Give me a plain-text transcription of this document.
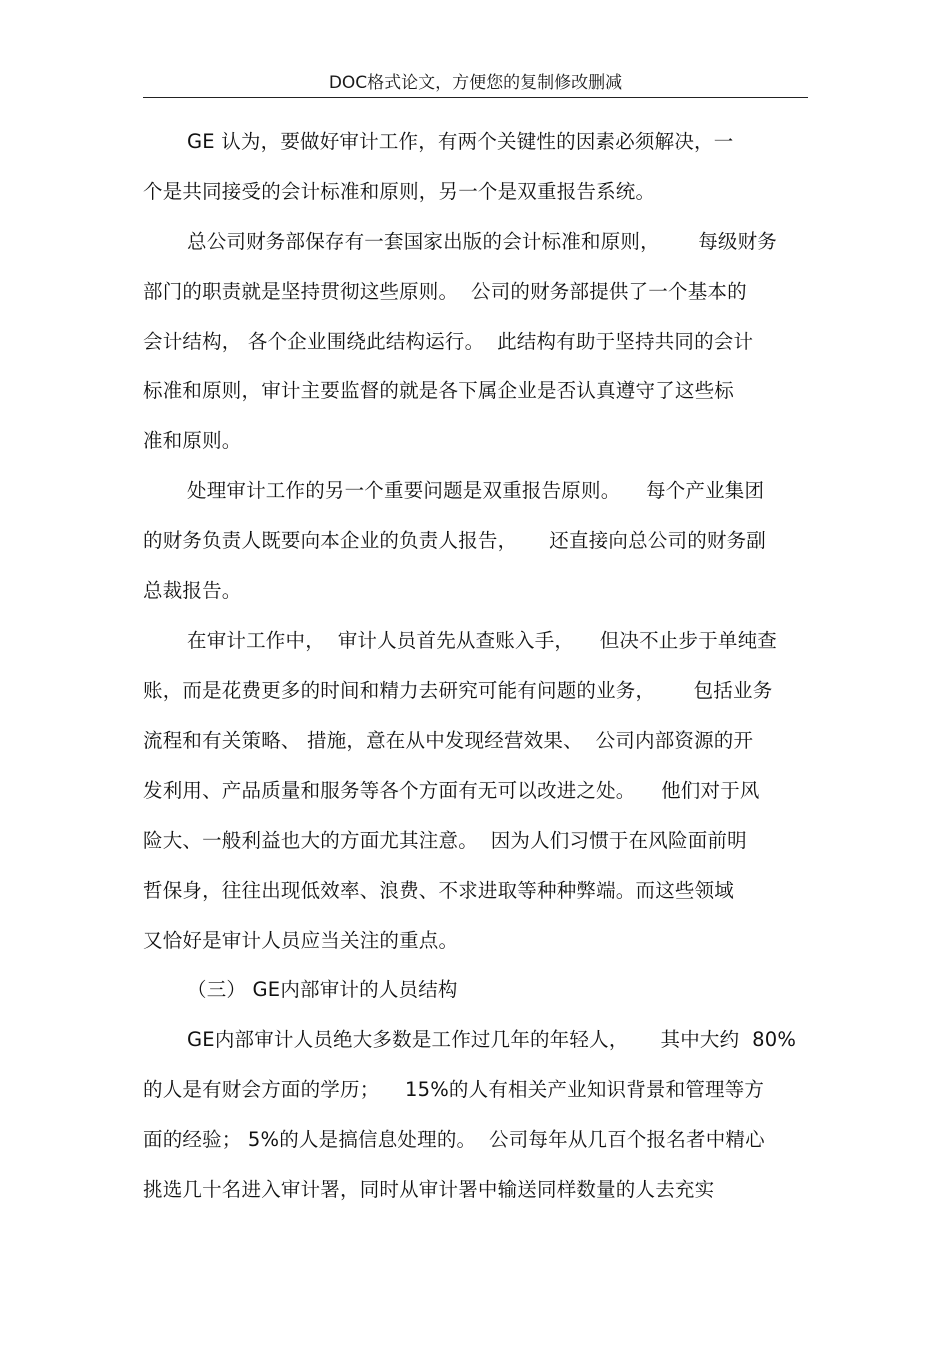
DOC格式论文，方便您的复制修改删减
GE 认为，要做好审计工作，有两个关键性的因素必须解决，一
个是共同接受的会计标准和原则，另一个是双重报告系统。
总公司财务部保存有一套国家出版的会计标准和原则，      每级财务
部门的职责就是坚持贯彻这些原则。  公司的财务部提供了一个基本的
会计结构， 各个企业围绕此结构运行。  此结构有助于坚持共同的会计
标准和原则，审计主要监督的就是各下属企业是否认真遵守了这些标
准和原则。
处理审计工作的另一个重要问题是双重报告原则。    每个产业集团
的财务负责人既要向本企业的负责人报告，     还直接向总公司的财务副
总裁报告。
在审计工作中，  审计人员首先从查账入手，    但决不止步于单纯查
账，而是花费更多的时间和精力去研究可能有问题的业务，      包括业务
流程和有关策略、 措施，意在从中发现经营效果、  公司内部资源的开
发利用、产品质量和服务等各个方面有无可以改进之处。    他们对于风
险大、一般利益也大的方面尤其注意。  因为人们习惯于在风险面前明
哲保身，往往出现低效率、浪费、不求进取等种种弊端。而这些领域
又恰好是审计人员应当关注的重点。
（三） GE内部审计的人员结构
GE内部审计人员绝大多数是工作过几年的年轻人，     其中大约  80%
的人是有财会方面的学历；    15%的人有相关产业知识背景和管理等方
面的经验； 5%的人是搞信息处理的。  公司每年从几百个报名者中精心
挑选几十名进入审计署，同时从审计署中输送同样数量的人去充实
